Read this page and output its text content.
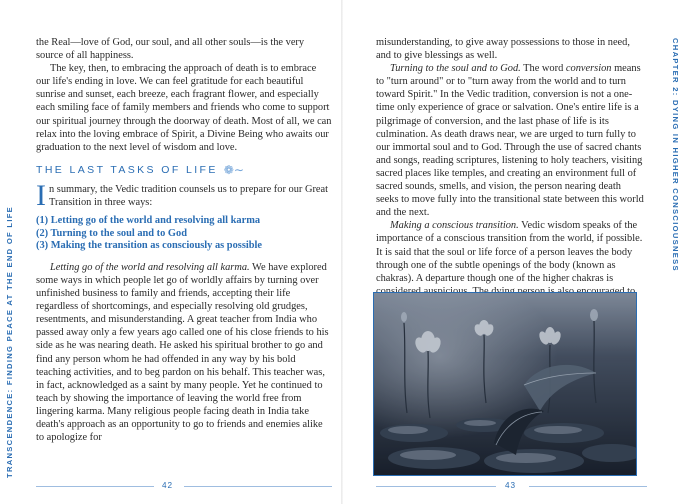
TRANSCENDENCE: FINDING PEACE AT THE END OF LIFE

the Real—love of God, our soul, and all other souls—is the very source of all happiness.

The key, then, to embracing the approach of death is to embrace our life's ending in love. We can feel gratitude for each beautiful sunrise and sunset, each breeze, each fragrant flower, and especially each smiling face of family members and friends who come to support our spiritual journey through the doorway of death. Most of all, we can relax into the loving embrace of Spirit, a Divine Being who awaits our graduation to the next level of wisdom and love.

THE LAST TASKS OF LIFE ❁∼

In summary, the Vedic tradition counsels us to prepare for our Great Transition in three ways:

(1) Letting go of the world and resolving all karma
(2) Turning to the soul and to God
(3) Making the transition as consciously as possible

Letting go of the world and resolving all karma. We have explored some ways in which people let go of worldly affairs by turning over unfinished business to family and friends, accepting their life regardless of shortcomings, and especially resolving old grudges, resentments, and misunderstanding. A great teacher from India who passed away only a few years ago called one of his close friends to his side as he was nearing death. He asked his spiritual brother to go and find any person whom he had offended in any way by his bold teaching activities, and to beg pardon on his behalf. This teacher was, in fact, acknowledged as a saint by many people. Yet he continued to teach by showing the importance of leaving the world free from lingering karma. Many religious people facing death in India take death's approach as an opportunity to go to friends and enemies alike to apologize for

42
CHAPTER 2: DYING IN HIGHER CONSCIOUSNESS

misunderstanding, to give away possessions to those in need, and to give blessings as well.

Turning to the soul and to God. The word conversion means to "turn around" or to "turn away from the world and to turn toward Spirit." In the Vedic tradition, conversion is not a one-time only experience of grace or salvation. One's entire life is a pilgrimage of conversion, and the last phase of life is its culmination. As death draws near, we are urged to turn fully to our immortal soul and to God. Through the use of sacred chants and songs, reading scriptures, listening to holy teachers, visiting sacred places like temples, and creating an environment full of sacred sounds, smells, and vision, the person nearing death seeks to move fully into the transitional state between this world and the next.

Making a conscious transition. Vedic wisdom speaks of the importance of a conscious transition from the world, if possible. It is said that the soul or life force of a person leaves the body through one of the subtle openings of the body (known as chakras). A departure though one of the higher chakras is

43
